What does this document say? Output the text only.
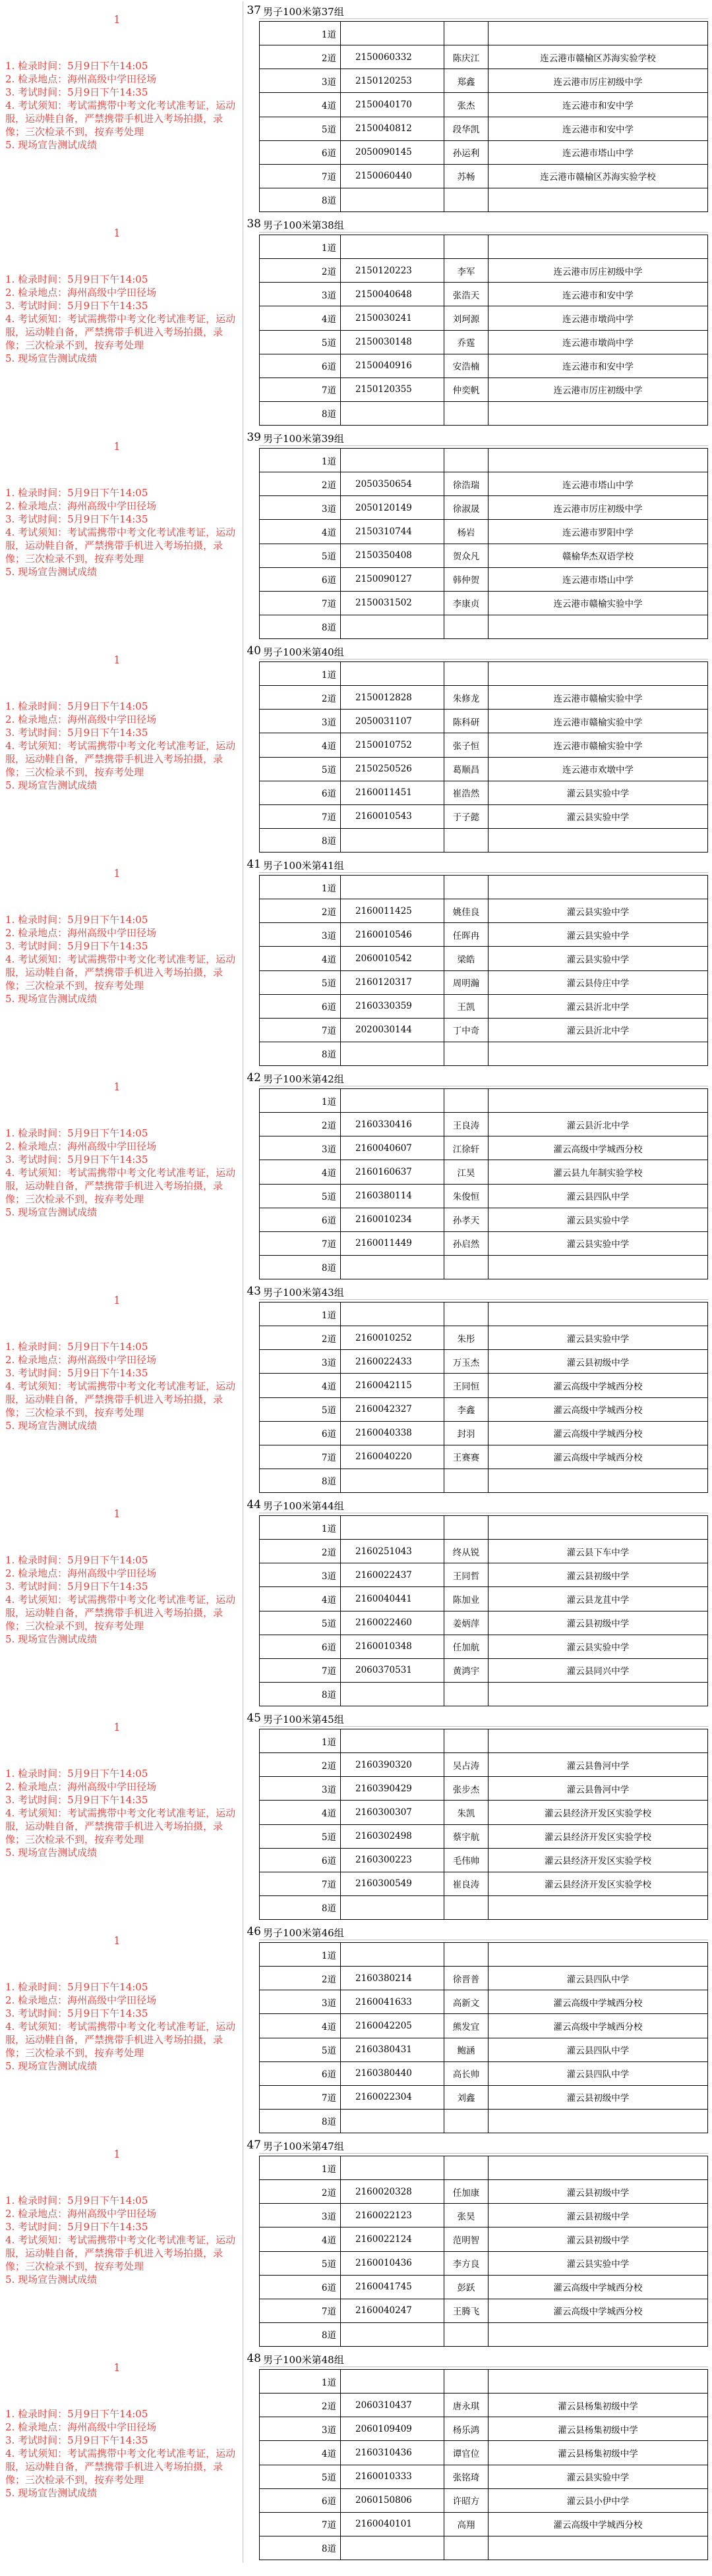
1
1. 检录时间：5月9日下午14:05
2. 检录地点：海州高级中学田径场
3. 考试时间：5月9日下午14:35
4. 考试须知：考试需携带中考文化考试准考证，运动服，运动鞋自备，严禁携带手机进入考场拍摄，录像；三次检录不到，按弃考处理
5. 现场宣告测试成绩
37 男子100米第37组
1道			
2道	2150060332	陈庆江	连云港市赣榆区苏海实验学校
3道	2150120253	郑鑫	连云港市厉庄初级中学
4道	2150040170	张杰	连云港市和安中学
5道	2150040812	段华凯	连云港市和安中学
6道	2050090145	孙运利	连云港市塔山中学
7道	2150060440	苏畅	连云港市赣榆区苏海实验学校
8道			
1
1. 检录时间：5月9日下午14:05
2. 检录地点：海州高级中学田径场
3. 考试时间：5月9日下午14:35
4. 考试须知：考试需携带中考文化考试准考证，运动服，运动鞋自备，严禁携带手机进入考场拍摄，录像；三次检录不到，按弃考处理
5. 现场宣告测试成绩
38 男子100米第38组
1道			
2道	2150120223	李军	连云港市厉庄初级中学
3道	2150040648	张浩天	连云港市和安中学
4道	2150030241	刘珂源	连云港市墩尚中学
5道	2150030148	乔霆	连云港市墩尚中学
6道	2150040916	安浩楠	连云港市和安中学
7道	2150120355	仲奕帆	连云港市厉庄初级中学
8道			
1
1. 检录时间：5月9日下午14:05
2. 检录地点：海州高级中学田径场
3. 考试时间：5月9日下午14:35
4. 考试须知：考试需携带中考文化考试准考证，运动服，运动鞋自备，严禁携带手机进入考场拍摄，录像；三次检录不到，按弃考处理
5. 现场宣告测试成绩
39 男子100米第39组
1道			
2道	2050350654	徐浩瑞	连云港市塔山中学
3道	2050120149	徐淑晟	连云港市厉庄初级中学
4道	2150310744	杨岩	连云港市罗阳中学
5道	2150350408	贺众凡	赣榆华杰双语学校
6道	2150090127	韩仲贺	连云港市塔山中学
7道	2150031502	李康贞	连云港市赣榆实验中学
8道			
1
1. 检录时间：5月9日下午14:05
2. 检录地点：海州高级中学田径场
3. 考试时间：5月9日下午14:35
4. 考试须知：考试需携带中考文化考试准考证，运动服，运动鞋自备，严禁携带手机进入考场拍摄，录像；三次检录不到，按弃考处理
5. 现场宣告测试成绩
40 男子100米第40组
1道			
2道	2150012828	朱修龙	连云港市赣榆实验中学
3道	2050031107	陈科研	连云港市赣榆实验中学
4道	2150010752	张子恒	连云港市赣榆实验中学
5道	2150250526	葛顺昌	连云港市欢墩中学
6道	2160011451	崔浩然	灌云县实验中学
7道	2160010543	于子懿	灌云县实验中学
8道			
1
1. 检录时间：5月9日下午14:05
2. 检录地点：海州高级中学田径场
3. 考试时间：5月9日下午14:35
4. 考试须知：考试需携带中考文化考试准考证，运动服，运动鞋自备，严禁携带手机进入考场拍摄，录像；三次检录不到，按弃考处理
5. 现场宣告测试成绩
41 男子100米第41组
1道			
2道	2160011425	姚佳良	灌云县实验中学
3道	2160010546	任晖冉	灌云县实验中学
4道	2060010542	梁皓	灌云县实验中学
5道	2160120317	周明瀚	灌云县侍庄中学
6道	2160330359	王凯	灌云县沂北中学
7道	2020030144	丁中奇	灌云县沂北中学
8道			
1
1. 检录时间：5月9日下午14:05
2. 检录地点：海州高级中学田径场
3. 考试时间：5月9日下午14:35
4. 考试须知：考试需携带中考文化考试准考证，运动服，运动鞋自备，严禁携带手机进入考场拍摄，录像；三次检录不到，按弃考处理
5. 现场宣告测试成绩
42 男子100米第42组
1道			
2道	2160330416	王良涛	灌云县沂北中学
3道	2160040607	江徐轩	灌云高级中学城西分校
4道	2160160637	江昊	灌云县九年制实验学校
5道	2160380114	朱俊恒	灌云县四队中学
6道	2160010234	孙孝天	灌云县实验中学
7道	2160011449	孙启然	灌云县实验中学
8道			
1
1. 检录时间：5月9日下午14:05
2. 检录地点：海州高级中学田径场
3. 考试时间：5月9日下午14:35
4. 考试须知：考试需携带中考文化考试准考证，运动服，运动鞋自备，严禁携带手机进入考场拍摄，录像；三次检录不到，按弃考处理
5. 现场宣告测试成绩
43 男子100米第43组
1道			
2道	2160010252	朱彤	灌云县实验中学
3道	2160022433	万玉杰	灌云县初级中学
4道	2160042115	王同恒	灌云高级中学城西分校
5道	2160042327	李鑫	灌云高级中学城西分校
6道	2160040338	封羽	灌云高级中学城西分校
7道	2160040220	王赛赛	灌云高级中学城西分校
8道			
1
1. 检录时间：5月9日下午14:05
2. 检录地点：海州高级中学田径场
3. 考试时间：5月9日下午14:35
4. 考试须知：考试需携带中考文化考试准考证，运动服，运动鞋自备，严禁携带手机进入考场拍摄，录像；三次检录不到，按弃考处理
5. 现场宣告测试成绩
44 男子100米第44组
1道			
2道	2160251043	终从锐	灌云县下车中学
3道	2160022437	王同哲	灌云县初级中学
4道	2160040441	陈加业	灌云县龙苴中学
5道	2160022460	姜炳萍	灌云县初级中学
6道	2160010348	任加航	灌云县实验中学
7道	2060370531	黄鸿宇	灌云县同兴中学
8道			
1
1. 检录时间：5月9日下午14:05
2. 检录地点：海州高级中学田径场
3. 考试时间：5月9日下午14:35
4. 考试须知：考试需携带中考文化考试准考证，运动服，运动鞋自备，严禁携带手机进入考场拍摄，录像；三次检录不到，按弃考处理
5. 现场宣告测试成绩
45 男子100米第45组
1道			
2道	2160390320	吴占涛	灌云县鲁河中学
3道	2160390429	张步杰	灌云县鲁河中学
4道	2160300307	朱凯	灌云县经济开发区实验学校
5道	2160302498	蔡宇航	灌云县经济开发区实验学校
6道	2160300223	毛伟帅	灌云县经济开发区实验学校
7道	2160300549	崔良涛	灌云县经济开发区实验学校
8道			
1
1. 检录时间：5月9日下午14:05
2. 检录地点：海州高级中学田径场
3. 考试时间：5月9日下午14:35
4. 考试须知：考试需携带中考文化考试准考证，运动服，运动鞋自备，严禁携带手机进入考场拍摄，录像；三次检录不到，按弃考处理
5. 现场宣告测试成绩
46 男子100米第46组
1道			
2道	2160380214	徐晋普	灌云县四队中学
3道	2160041633	高新文	灌云高级中学城西分校
4道	2160042205	熊发宜	灌云高级中学城西分校
5道	2160380431	鲍涵	灌云县四队中学
6道	2160380440	高长帅	灌云县四队中学
7道	2160022304	刘鑫	灌云县初级中学
8道			
1
1. 检录时间：5月9日下午14:05
2. 检录地点：海州高级中学田径场
3. 考试时间：5月9日下午14:35
4. 考试须知：考试需携带中考文化考试准考证，运动服，运动鞋自备，严禁携带手机进入考场拍摄，录像；三次检录不到，按弃考处理
5. 现场宣告测试成绩
47 男子100米第47组
1道			
2道	2160020328	任加康	灌云县初级中学
3道	2160022123	张昊	灌云县初级中学
4道	2160022124	范明智	灌云县初级中学
5道	2160010436	李方良	灌云县实验中学
6道	2160041745	彭跃	灌云高级中学城西分校
7道	2160040247	王腾飞	灌云高级中学城西分校
8道			
1
1. 检录时间：5月9日下午14:05
2. 检录地点：海州高级中学田径场
3. 考试时间：5月9日下午14:35
4. 考试须知：考试需携带中考文化考试准考证，运动服，运动鞋自备，严禁携带手机进入考场拍摄，录像；三次检录不到，按弃考处理
5. 现场宣告测试成绩
48 男子100米第48组
1道			
2道	2060310437	唐永琪	灌云县杨集初级中学
3道	2060109409	杨乐鸿	灌云县杨集初级中学
4道	2160310436	谭官位	灌云县杨集初级中学
5道	2160010333	张铭琦	灌云县实验中学
6道	2060150806	许昭方	灌云县小伊中学
7道	2160040101	高翔	灌云高级中学城西分校
8道			
